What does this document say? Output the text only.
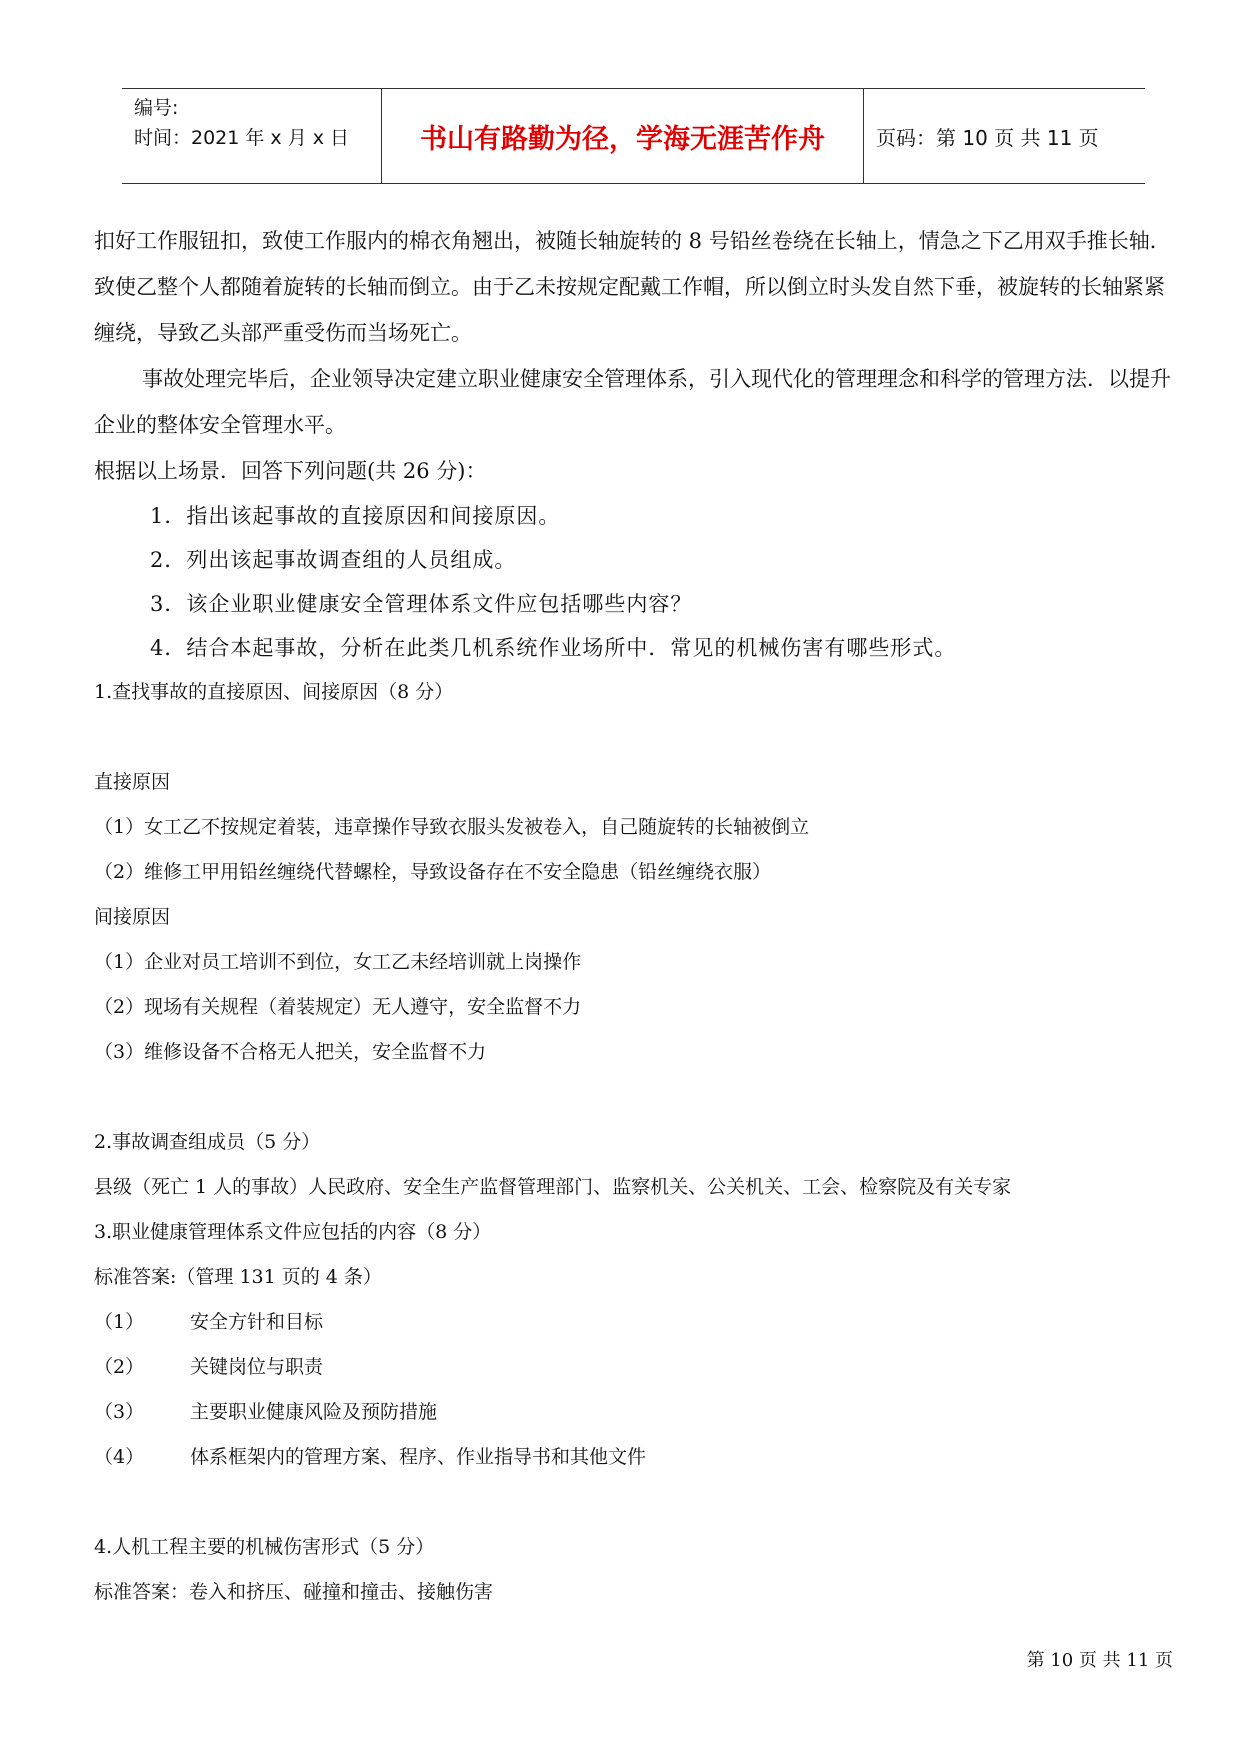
编号:
时间：2021 年 x 月 x 日	书山有路勤为径，学海无涯苦作舟	页码：第 10 页 共 11 页

扣好工作服钮扣，致使工作服内的棉衣角翘出，被随长轴旋转的 8 号铅丝卷绕在长轴上，情急之下乙用双手推长轴．致使乙整个人都随着旋转的长轴而倒立。由于乙未按规定配戴工作帽，所以倒立时头发自然下垂，被旋转的长轴紧紧缠绕，导致乙头部严重受伤而当场死亡。

事故处理完毕后，企业领导决定建立职业健康安全管理体系，引入现代化的管理理念和科学的管理方法．以提升企业的整体安全管理水平。

根据以上场景．回答下列问题(共 26 分)：

1．指出该起事故的直接原因和间接原因。
2．列出该起事故调查组的人员组成。
3．该企业职业健康安全管理体系文件应包括哪些内容？
4．结合本起事故，分析在此类几机系统作业场所中．常见的机械伤害有哪些形式。
1.查找事故的直接原因、间接原因（8 分）
直接原因
（1）女工乙不按规定着装，违章操作导致衣服头发被卷入，自己随旋转的长轴被倒立
（2）维修工甲用铅丝缠绕代替螺栓，导致设备存在不安全隐患（铅丝缠绕衣服）
间接原因
（1）企业对员工培训不到位，女工乙未经培训就上岗操作
（2）现场有关规程（着装规定）无人遵守，安全监督不力
（3）维修设备不合格无人把关，安全监督不力
2.事故调查组成员（5 分）
县级（死亡 1 人的事故）人民政府、安全生产监督管理部门、监察机关、公关机关、工会、检察院及有关专家
3.职业健康管理体系文件应包括的内容（8 分）
标准答案:（管理 131 页的 4 条）
（1）	安全方针和目标
（2）	关键岗位与职责
（3）	主要职业健康风险及预防措施
（4）	体系框架内的管理方案、程序、作业指导书和其他文件
4.人机工程主要的机械伤害形式（5 分）
标准答案：卷入和挤压、碰撞和撞击、接触伤害
第 10 页 共 11 页
